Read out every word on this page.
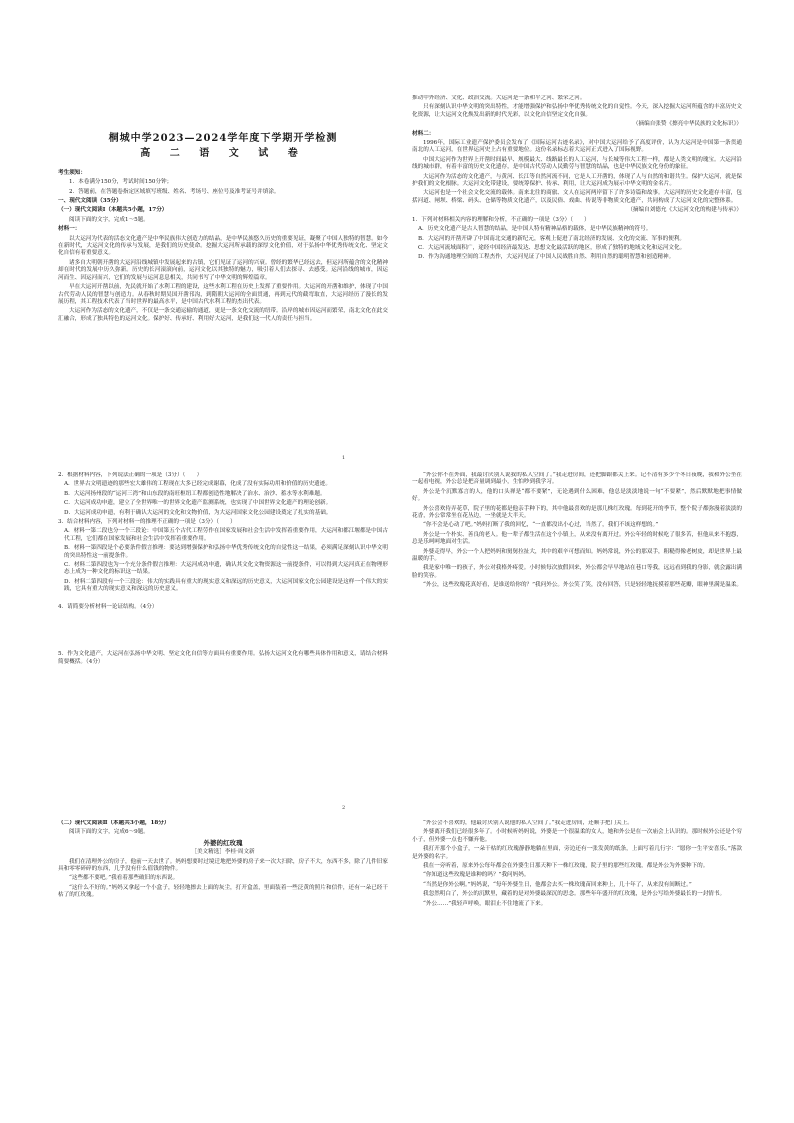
桐城中学2023—2024学年度下学期开学检测

高 二 语 文 试 卷

考生须知：

1．本卷满分150分，考试时间150分钟；

2．答题前，在答题卷指定区域填写班级、姓名、考场号、座位号及准考证号并填涂。

一、现代文阅读（35分）

（一）现代文阅读Ⅰ（本题共5小题，17分）

阅读下面的文字，完成1～5题。

材料一：

以大运河为代表的活态文化遗产是中华民族伟大创造力的结晶，是中华民族悠久历史的重要见证，凝聚了中国人独特的智慧。如今在新时代，大运河文化的传承与发展，是我们的历史使命。挖掘大运河所承载的深厚文化价值，对于弘扬中华优秀传统文化、坚定文化自信有着重要意义。

诸多自大明朝开凿的大运河沿线城镇中发展起来的古镇，它们见证了运河的兴衰。曾经的繁华已经远去，但运河所蕴含的文化精神却在时代的发展中历久弥新。历史的长河滚滚向前，运河文化以其独特的魅力，吸引着人们去探寻、去感受。运河沿线的城市，因运河而生、因运河而兴，它们的发展与运河息息相关，共同书写了中华文明的辉煌篇章。

早在大运河开凿以前，先民就开始了水利工程的建设，这些水利工程在历史上发挥了重要作用。大运河的开凿和维护，体现了中国古代劳动人民的智慧与创造力。从春秋时期吴国开凿邗沟，到隋朝大运河的全面贯通，再到元代的截弯取直，大运河经历了漫长的发展历程，其工程技术代表了当时世界的最高水平，是中国古代水利工程的杰出代表。

大运河作为活态的文化遗产，不仅是一条交通运输的通道，更是一条文化交流的纽带。沿岸的城市因运河而繁荣，南北文化在此交汇融合，形成了独具特色的运河文化。保护好、传承好、利用好大运河，是我们这一代人的责任与担当。

推动中外经济、文化、政治交流。大运河是一条和平之河、繁荣之河。

只有深刻认识中华文明的突出特性，才能增强保护和弘扬中华优秀传统文化的自觉性。今天，深入挖掘大运河所蕴含的丰富历史文化资源，让大运河文化焕发出新的时代光彩，以文化自信坚定文化自强。

（摘编自张赞《擦亮中华民族的文化标识》）

材料二：

1996年，国际工业遗产保护委员会发布了《国际运河古迹名录》，对中国大运河给予了高度评价，认为大运河是中国第一条贯通南北的人工运河，在世界运河史上占有重要地位。这份名录标志着大运河正式进入了国际视野。

中国大运河作为世界上开凿时间最早、规模最大、线路最长的人工运河，与长城等伟大工程一样，都是人类文明的瑰宝。大运河沿线的城市群，有着丰富的历史文化遗存，是中国古代劳动人民勤劳与智慧的结晶，也是中华民族文化身份的象征。

大运河作为活态的文化遗产，与黄河、长江等自然河流不同，它是人工开凿的，体现了人与自然的和谐共生。保护大运河，就是保护我们的文化根脉。大运河文化带建设，要统筹保护、传承、利用，让大运河成为展示中华文明的金名片。

大运河也是一个社会文化交流的载体。南来北往的商旅、文人在运河两岸留下了许多诗篇和故事。大运河的历史文化遗存丰富，包括河道、闸坝、桥梁、码头、仓储等物质文化遗产，以及民俗、戏曲、传说等非物质文化遗产，共同构成了大运河文化的完整体系。

（摘编自刘德允《大运河文化的构建与传承》）

1．下列对材料相关内容的理解和分析，不正确的一项是（3分）（　　）

A．历史文化遗产是古人智慧的结晶，是中国人特有精神品格的载体，是中华民族精神的符号。

B．大运河的开凿开辟了中国南北交通的新纪元，客观上促进了南北经济的发展、文化的交流、军事的便利。

C．大运河流域面积广，途经中国经济最发达、思想文化最活跃的地区，形成了独特的地域文化和运河文化。

D．作为沟通地理空间的工程杰作，大运河见证了中国人民战胜自然、利用自然的聪明智慧和创造精神。

1

2．根据材料内容，下列说法正确的一项是（3分）（　　）

A．世界古文明遗迹的那些宏大雄伟的工程现在大多已经完成谢幕，化成了没有实际功用和价值的历史遗迹。

B．大运河扬州段的“运河三湾”和山东段的南旺枢纽工程都创造性地解决了治水、治沙、蓄水等水利难题。

C．大运河成功申遗，建立了全世界唯一的世界文化遗产监测系统，也实现了中国世界文化遗产的理论创新。

D．大运河成功申遗，有利于确认大运河的文化和文物价值，为大运河国家文化公园建设奠定了扎实的基础。

3．结合材料内容，下列对材料一的推理不正确的一项是（3分）（　　）

A．材料一第二段也分一个三段论：中国第五个古代工程劳作在国家发展和社会生活中发挥着重要作用，大运河和都江堰都是中国古代工程，它们都在国家发展和社会生活中发挥着重要作用。

B．材料一第四段是个必要条件假言推理：要达到增强保护和弘扬中华优秀传统文化的自觉性这一结果，必须满足深刻认识中华文明的突出特性这一前提条件。

C．材料二第四段也为一个充分条件假言推理：大运河成功申遗，确认其文化文物资源这一前提条件，可以得到大运河真正在物理形态上成为一种文化的标识这一结果。

D．材料二第四段有一个三段论：伟大的实践具有重大的现实意义和深远的历史意义，大运河国家文化公园建设是这样一个伟大的实践，它具有重大的现实意义和深远的历史意义。

4．请简要分析材料一论证结构。（4分）

5．作为文化遗产，大运河在弘扬中华文明、坚定文化自信等方面具有重要作用。弘扬大运河文化有哪些具体作用和意义，请结合材料简要概括。（4分）

“外公你不在外面，我最讨厌别人说我的私人空间了。”我走进房间，还把脚跟都关上来。记不清有多少个冬日夜晚，我和外公坐在一起看电视，外公总是把音量调到最小，生怕吵到我学习。

外公是个沉默寡言的人，他的口头禅是“都不要紧”，无论遇到什么困难，他总是淡淡地说一句“不要紧”，然后默默地把事情做好。

外公喜欢侍弄花草，院子里的花都是他亲手种下的，其中他最喜欢的是那几株红玫瑰。每到花开的季节，整个院子都弥漫着淡淡的花香，外公常常坐在花丛边，一坐就是大半天。

“你不会是心动了吧。”妈妈打断了我的回忆，“一直都没出小心过，当然了，我们不该这样想的。”

外公是一个朴实、善良的老人。他一辈子都生活在这个小镇上，从来没有离开过。外公年轻的时候吃了很多苦，但他从来不抱怨，总是乐呵呵地面对生活。

外婆走得早，外公一个人把妈妈和舅舅拉扯大，其中的艰辛可想而知。妈妈常说，外公的那双手，粗糙得像老树皮，却是世界上最温暖的手。

我是家中唯一的孩子，外公对我格外疼爱。小时候每次放假回来，外公都会早早地站在巷口等我，远远看到我的身影，就会露出满脸的笑容。

“外公，这些玫瑰花真好看，是谁送给你的？”我问外公。外公笑了笑，没有回答，只是轻轻地抚摸着那些花瓣，眼神里满是温柔。

（二）现代文阅读Ⅱ（本题共3小题，18分）

阅读下面的文字，完成6～9题。

外婆的红玫瑰

［美文精选］李桂·周文新

我们在清理外公的房子，他前一天去世了。妈妈想要时过境迁地把外婆的房子来一次大扫除，房子不大，东西不多，除了几件旧家具和零零碎碎的东西，几乎没有什么值钱的物件。

“这些都不要吧。”我看着那些破旧的东西说。

“这什么不好的。”妈妈又拿起一个小盒子，轻轻地擦去上面的灰尘，打开盒盖，里面装着一些泛黄的照片和信件，还有一朵已经干枯了的红玫瑰。

“外公会不喜欢的，他最讨厌别人说他的私人空间了。”我走进房间，还顺手把门关上。

外婆离开我们已经很多年了。小时候听妈妈说，外婆是一个很温柔的女人，她和外公是在一次庙会上认识的。那时候外公还是个穷小子，但外婆一点也不嫌弃他。

我打开那个小盒子，一朵干枯的红玫瑰静静地躺在里面，旁边还有一张发黄的纸条，上面写着几行字：“愿你一生平安喜乐。”落款是外婆的名字。

我在一旁听着，原来外公每年都会在外婆生日那天种下一株红玫瑰，院子里的那些红玫瑰，都是外公为外婆种下的。

“你知道这些玫瑰是谁种的吗？”我问妈妈。

“当然是你外公啊。”妈妈说，“每年外婆生日，他都会去买一株玫瑰苗回来种上，几十年了，从来没有间断过。”

我忽然明白了，外公的沉默里，藏着的是对外婆最深沉的思念。那些年年盛开的红玫瑰，是外公写给外婆最长的一封情书。

“外公……”我轻声呼唤，眼泪止不住地流了下来。

2
